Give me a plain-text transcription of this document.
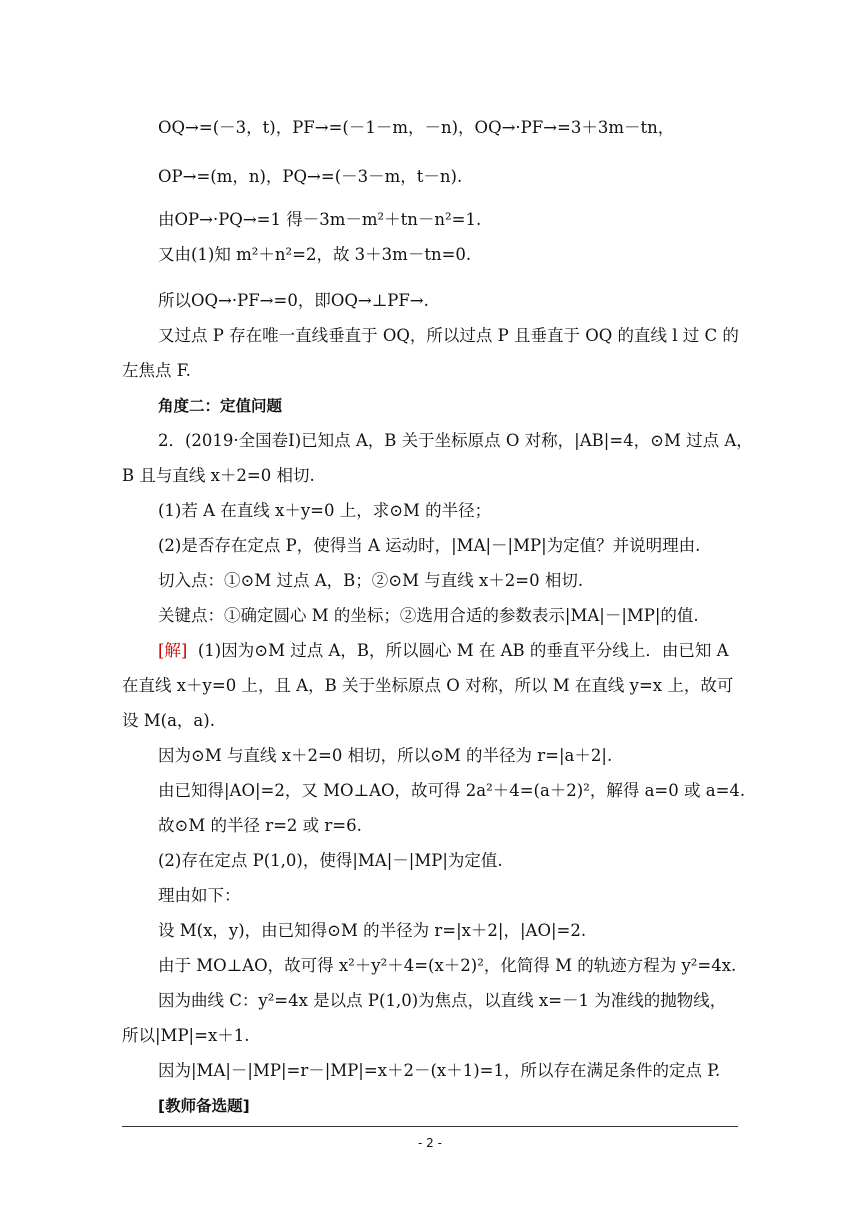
OQ→=(－3，t)，PF→=(－1－m，－n)，OQ→·PF→=3＋3m－tn，
OP→=(m，n)，PQ→=(－3－m，t－n).
由OP→·PQ→=1 得－3m－m²＋tn－n²=1.
又由(1)知 m²＋n²=2，故 3＋3m－tn=0.
所以OQ→·PF→=0，即OQ→⊥PF→.
又过点 P 存在唯一直线垂直于 OQ，所以过点 P 且垂直于 OQ 的直线 l 过 C 的
左焦点 F.
角度二：定值问题
2．(2019·全国卷Ⅰ)已知点 A，B 关于坐标原点 O 对称，|AB|=4，⊙M 过点 A，
B 且与直线 x＋2=0 相切.
(1)若 A 在直线 x＋y=0 上，求⊙M 的半径；
(2)是否存在定点 P，使得当 A 运动时，|MA|－|MP|为定值？并说明理由.
切入点：①⊙M 过点 A，B；②⊙M 与直线 x＋2=0 相切.
关键点：①确定圆心 M 的坐标；②选用合适的参数表示|MA|－|MP|的值.
[解] (1)因为⊙M 过点 A，B，所以圆心 M 在 AB 的垂直平分线上．由已知 A
在直线 x＋y=0 上，且 A，B 关于坐标原点 O 对称，所以 M 在直线 y=x 上，故可
设 M(a，a).
因为⊙M 与直线 x＋2=0 相切，所以⊙M 的半径为 r=|a＋2|.
由已知得|AO|=2，又 MO⊥AO，故可得 2a²＋4=(a＋2)²，解得 a=0 或 a=4.
故⊙M 的半径 r=2 或 r=6.
(2)存在定点 P(1,0)，使得|MA|－|MP|为定值.
理由如下：
设 M(x，y)，由已知得⊙M 的半径为 r=|x＋2|，|AO|=2.
由于 MO⊥AO，故可得 x²＋y²＋4=(x＋2)²，化简得 M 的轨迹方程为 y²=4x.
因为曲线 C：y²=4x 是以点 P(1,0)为焦点，以直线 x=－1 为准线的抛物线，
所以|MP|=x＋1.
因为|MA|－|MP|=r－|MP|=x＋2－(x＋1)=1，所以存在满足条件的定点 P.
[教师备选题]
- 2 -
